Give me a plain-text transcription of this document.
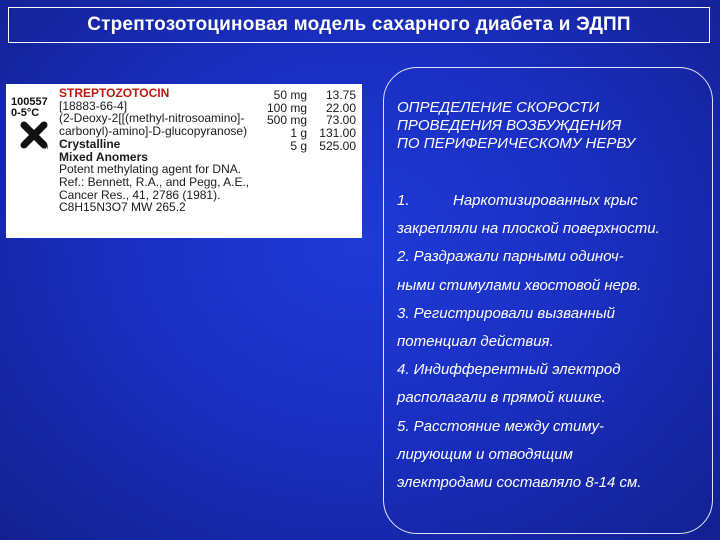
Стрептозотоциновая модель сахарного диабета и ЭДПП
100557
0-5°C
n
STREPTOZOTOCIN
[18883-66-4]
(2-Deoxy-2[[(methyl-nitrosoamino]-
carbonyl)-amino]-D-glucopyranose)
Crystalline
Mixed Anomers
Potent methylating agent for DNA.
Ref.: Bennett, R.A., and Pegg, A.E.,
Cancer Res., 41, 2786 (1981).
C8H15N3O7 MW 265.2
50 mg
100 mg
500 mg
1 g
5 g
13.75
22.00
73.00
131.00
525.00
ОПРЕДЕЛЕНИЕ СКОРОСТИ
ПРОВЕДЕНИЯ ВОЗБУЖДЕНИЯ
ПО ПЕРИФЕРИЧЕСКОМУ НЕРВУ
1.	Наркотизированных крыс
закрепляли на плоской поверхности.
2. Раздражали парными одиноч-
ными стимулами хвостовой нерв.
3. Регистрировали вызванный
потенциал действия.
4. Индифферентный электрод
располагали в прямой кишке.
5. Расстояние между стиму-
лирующим и отводящим
электродами составляло 8-14 см.
